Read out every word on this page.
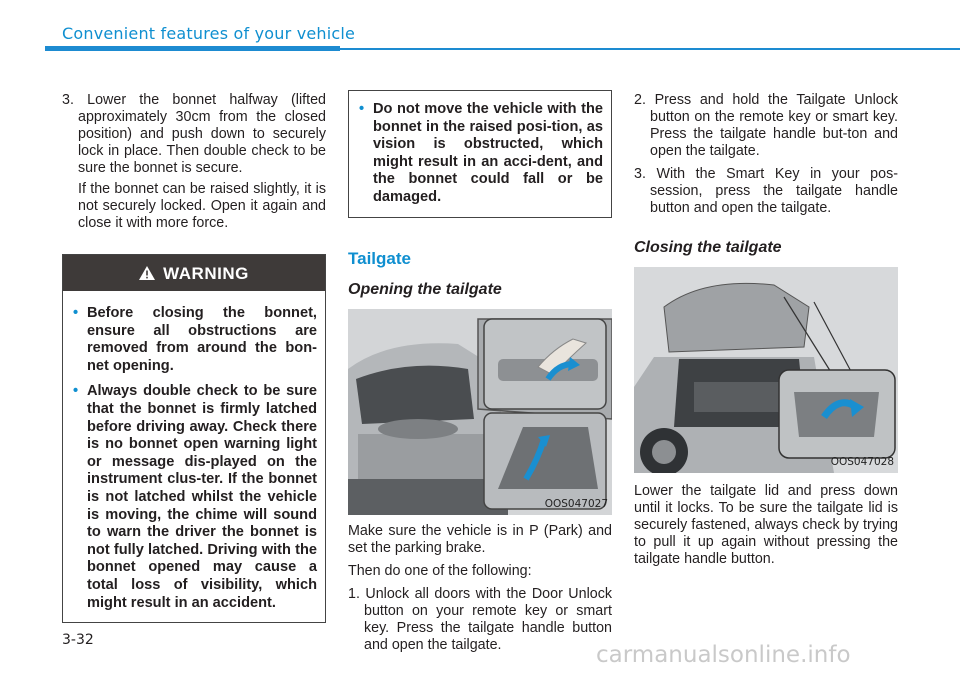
Convenient features of your vehicle

3. Lower the bonnet halfway (lifted approximately 30cm from the closed position) and push down to securely lock in place. Then double check to be sure the bonnet is secure.

If the bonnet can be raised slightly, it is not securely locked. Open it again and close it with more force.

WARNING

• Before closing the bonnet, ensure all obstructions are removed from around the bon-net opening.

• Always double check to be sure that the bonnet is firmly latched before driving away. Check there is no bonnet open warning light or message dis-played on the instrument clus-ter. If the bonnet is not latched whilst the vehicle is moving, the chime will sound to warn the driver the bonnet is not fully latched. Driving with the bonnet opened may cause a total loss of visibility, which might result in an accident.

• Do not move the vehicle with the bonnet in the raised posi-tion, as vision is obstructed, which might result in an acci-dent, and the bonnet could fall or be damaged.

Tailgate
Opening the tailgate
OOS047027

Make sure the vehicle is in P (Park) and set the parking brake.

Then do one of the following:

1. Unlock all doors with the Door Unlock button on your remote key or smart key. Press the tailgate handle button and open the tailgate.

2. Press and hold the Tailgate Unlock button on the remote key or smart key. Press the tailgate handle but-ton and open the tailgate.

3. With the Smart Key in your pos-session, press the tailgate handle button and open the tailgate.

Closing the tailgate
OOS047028

Lower the tailgate lid and press down until it locks. To be sure the tailgate lid is securely fastened, always check by trying to pull it up again without pressing the tailgate handle button.

3-32
carmanualsonline.info
